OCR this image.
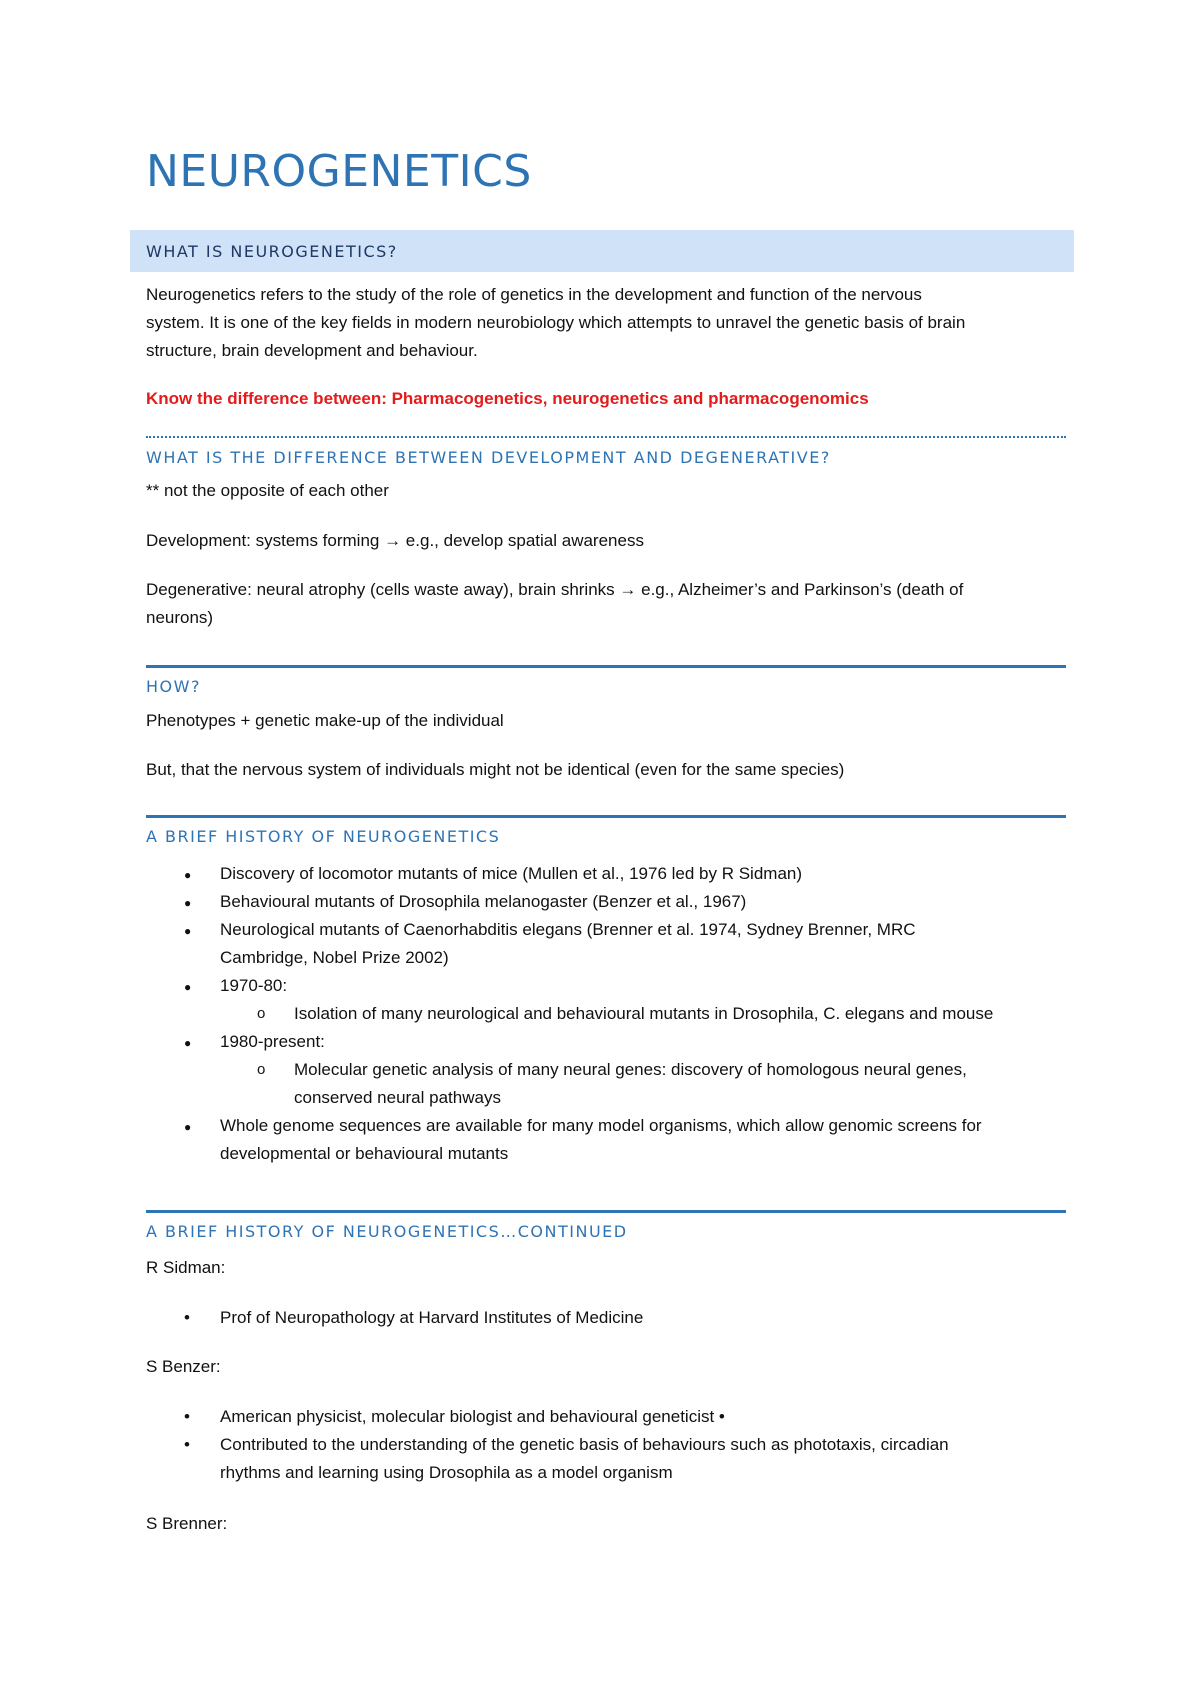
NEUROGENETICS
WHAT IS NEUROGENETICS?

Neurogenetics refers to the study of the role of genetics in the development and function of the nervous
system. It is one of the key fields in modern neurobiology which attempts to unravel the genetic basis of brain
structure, brain development and behaviour.

Know the difference between: Pharmacogenetics, neurogenetics and pharmacogenomics

WHAT IS THE DIFFERENCE BETWEEN DEVELOPMENT AND DEGENERATIVE?

** not the opposite of each other

Development: systems forming → e.g., develop spatial awareness

Degenerative: neural atrophy (cells waste away), brain shrinks → e.g., Alzheimer’s and Parkinson’s (death of
neurons)

HOW?

Phenotypes + genetic make-up of the individual

But, that the nervous system of individuals might not be identical (even for the same species)

A BRIEF HISTORY OF NEUROGENETICS
●
Discovery of locomotor mutants of mice (Mullen et al., 1976 led by R Sidman)
●
Behavioural mutants of Drosophila melanogaster (Benzer et al., 1967)
●
Neurological mutants of Caenorhabditis elegans (Brenner et al. 1974, Sydney Brenner, MRC
Cambridge, Nobel Prize 2002)
●
1970-80:
o Isolation of many neurological and behavioural mutants in Drosophila, C. elegans and mouse
●
1980-present:
o Molecular genetic analysis of many neural genes: discovery of homologous neural genes,
conserved neural pathways
●
Whole genome sequences are available for many model organisms, which allow genomic screens for
developmental or behavioural mutants
A BRIEF HISTORY OF NEUROGENETICS…CONTINUED

R Sidman:

•
Prof of Neuropathology at Harvard Institutes of Medicine

S Benzer:

•
American physicist, molecular biologist and behavioural geneticist •
•
Contributed to the understanding of the genetic basis of behaviours such as phototaxis, circadian
rhythms and learning using Drosophila as a model organism

S Brenner:
